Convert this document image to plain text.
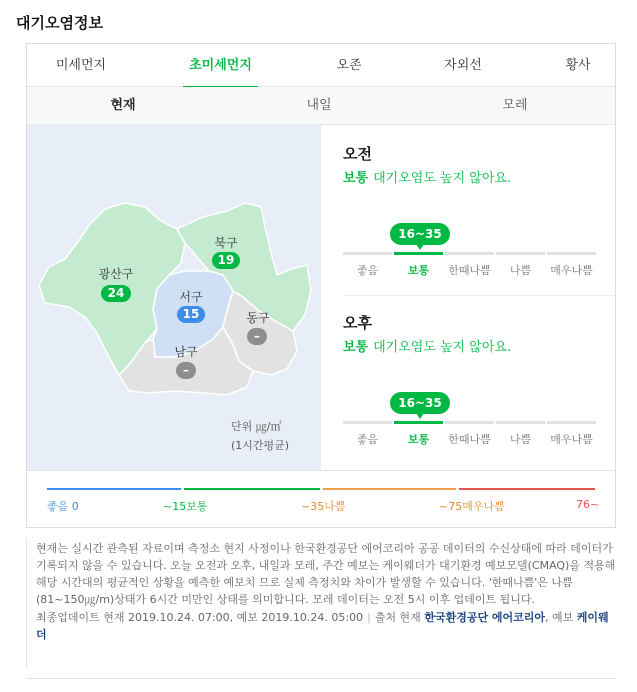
대기오염정보
미세먼지	초미세먼지	오존	자외선	황사
현재	내일	모레
광산구
24
북구
19
서구
15	동구
–
남구
–
단위 ㎍/㎥
(1시간평균)
오전
보통 대기오염도 높지 않아요.
16~35
좋음	보통	한때나쁨	나쁨	매우나쁨
오후
보통 대기오염도 높지 않아요.
16~35
좋음	보통	한때나쁨	나쁨	매우나쁨
좋음 0	~15보통	~35나쁨	~75매우나쁨	76~

현재는 실시간 관측된 자료이며 측정소 현지 사정이나 한국환경공단 에어코리아 공공 데이터의 수신상태에 따라 데이터가 기록되지 않을 수 있습니다. 오늘 오전과 오후, 내일과 모레, 주간 예보는 케이웨더가 대기환경 예보모델(CMAQ)을 적용해 해당 시간대의 평균적인 상황을 예측한 예보치 므로 실제 측정치와 차이가 발생할 수 있습니다. '한때나쁨'은 나쁨(81~150㎍/m)상태가 6시간 미만인 상태를 의미합니다. 모레 데이터는 오전 5시 이후 업데이트 됩니다.

최종업데이트 현재 2019.10.24. 07:00, 예보 2019.10.24. 05:00 | 출처 현재 한국환경공단 에어코리아, 예보 케이웨더
